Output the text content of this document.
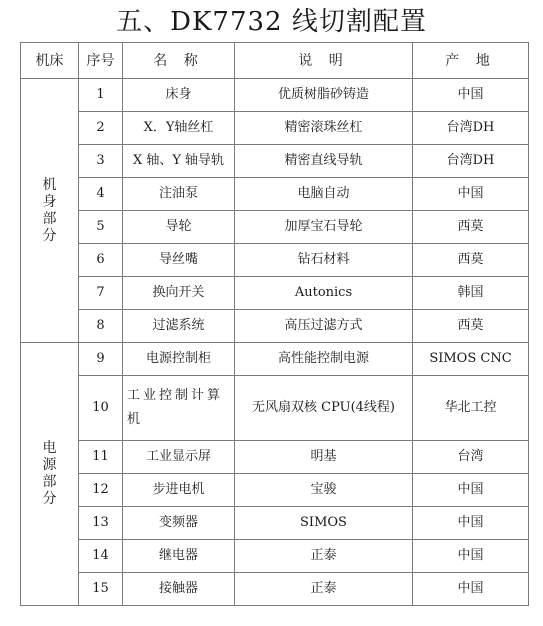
五、DK7732 线切割配置
机床	序号	名 称	说 明	产 地

机身部分	1	床身	优质树脂砂铸造	中国
	2	X．Y轴丝杠	精密滚珠丝杠	台湾DH
	3	X 轴、Y 轴导轨	精密直线导轨	台湾DH
	4	注油泵	电脑自动	中国
	5	导轮	加厚宝石导轮	西莫
	6	导丝嘴	钻石材料	西莫
	7	换向开关	Autonics	韩国
	8	过滤系统	高压过滤方式	西莫

电源部分	9	电源控制柜	高性能控制电源	SIMOS CNC
	10	工业控制计算机	无风扇双核 CPU(4线程)	华北工控
	11	工业显示屏	明基	台湾
	12	步进电机	宝骏	中国
	13	变频器	SIMOS	中国
	14	继电器	正泰	中国
	15	接触器	正泰	中国
